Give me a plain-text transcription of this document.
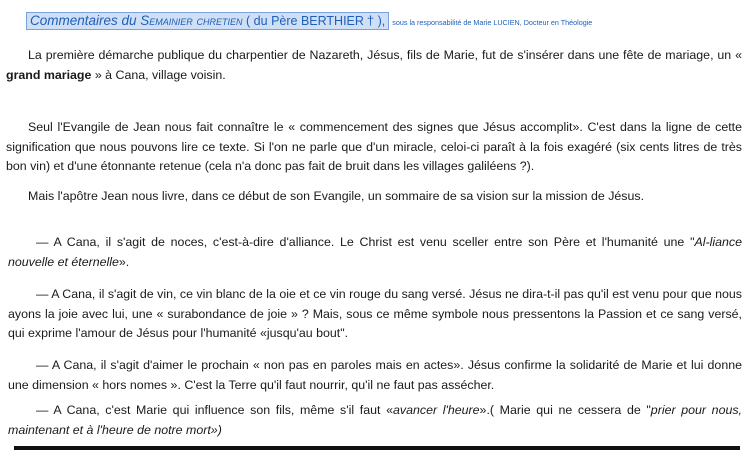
Commentaires du Semainier chretien ( du Père BERTHIER † ), sous la responsabilité de Marie LUCIEN, Docteur en Théologie

La première démarche publique du charpentier de Nazareth, Jésus, fils de Marie, fut de s'insérer dans une fête de mariage, un « grand mariage » à Cana, village voisin.

Seul l'Evangile de Jean nous fait connaître le « commencement des signes que Jésus accomplit». C'est dans la ligne de cette signification que nous pouvons lire ce texte. Si l'on ne parle que d'un miracle, celoi-ci paraît à la fois exagéré (six cents litres de très bon vin) et d'une étonnante retenue (cela n'a donc pas fait de bruit dans les villages galiléens ?).

Mais l'apôtre Jean nous livre, dans ce début de son Evangile, un sommaire de sa vision sur la mission de Jésus.

— A Cana, il s'agit de noces, c'est-à-dire d'alliance. Le Christ est venu sceller entre son Père et l'humanité une "Al-liance nouvelle et éternelle».

— A Cana, il s'agit de vin, ce vin blanc de la oie et ce vin rouge du sang versé. Jésus ne dira-t-il pas qu'il est venu pour que nous ayons la joie avec lui, une « surabondance de joie » ? Mais, sous ce même symbole nous pressentons la Passion et ce sang versé, qui exprime l'amour de Jésus pour l'humanité «jusqu'au bout".

— A Cana, il s'agit d'aimer le prochain « non pas en paroles mais en actes». Jésus confirme la solidarité de Marie et lui donne une dimension « hors nomes ». C'est la Terre qu'il faut nourrir, qu'il ne faut pas assécher.

— A Cana, c'est Marie qui influence son fils, même s'il faut «avancer l'heure».( Marie qui ne cessera de "prier pour nous, maintenant et à l'heure de notre mort»)
